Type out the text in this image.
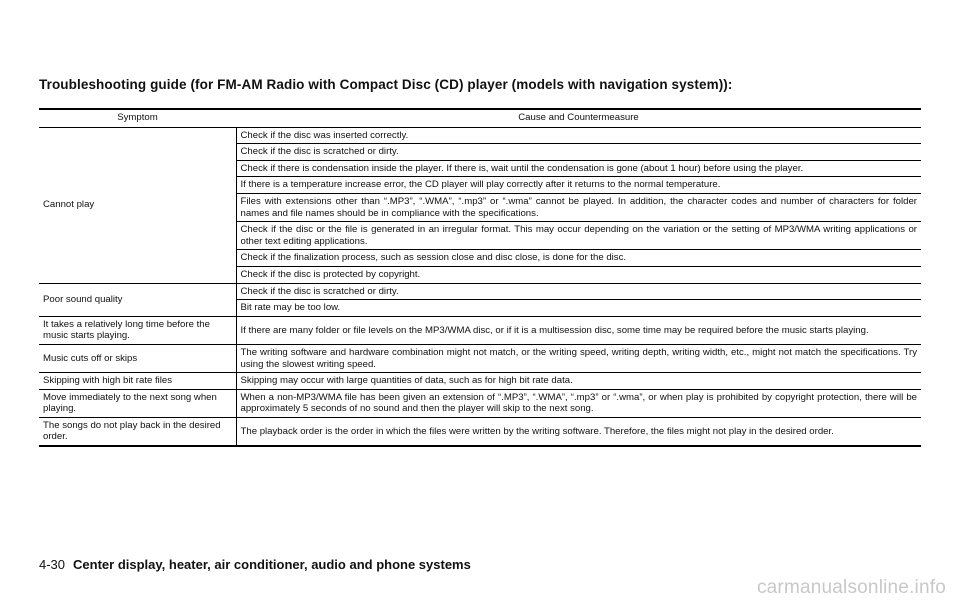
Troubleshooting guide (for FM-AM Radio with Compact Disc (CD) player (models with navigation system)):
Symptom	Cause and Countermeasure
Cannot play	Check if the disc was inserted correctly.
	Check if the disc is scratched or dirty.
	Check if there is condensation inside the player. If there is, wait until the condensation is gone (about 1 hour) before using the player.
	If there is a temperature increase error, the CD player will play correctly after it returns to the normal temperature.
	Files with extensions other than “.MP3”, “.WMA”, “.mp3” or “.wma” cannot be played. In addition, the character codes and number of characters for folder names and file names should be in compliance with the specifications.
	Check if the disc or the file is generated in an irregular format. This may occur depending on the variation or the setting of MP3/WMA writing applications or other text editing applications.
	Check if the finalization process, such as session close and disc close, is done for the disc.
	Check if the disc is protected by copyright.
Poor sound quality	Check if the disc is scratched or dirty.
	Bit rate may be too low.
It takes a relatively long time before the music starts playing.	If there are many folder or file levels on the MP3/WMA disc, or if it is a multisession disc, some time may be required before the music starts playing.
Music cuts off or skips	The writing software and hardware combination might not match, or the writing speed, writing depth, writing width, etc., might not match the specifications. Try using the slowest writing speed.
Skipping with high bit rate files	Skipping may occur with large quantities of data, such as for high bit rate data.
Move immediately to the next song when playing.	When a non-MP3/WMA file has been given an extension of “.MP3”, “.WMA”, “.mp3” or “.wma”, or when play is prohibited by copyright protection, there will be approximately 5 seconds of no sound and then the player will skip to the next song.
The songs do not play back in the desired order.	The playback order is the order in which the files were written by the writing software. Therefore, the files might not play in the desired order.
4-30 Center display, heater, air conditioner, audio and phone systems
carmanualsonline.info
